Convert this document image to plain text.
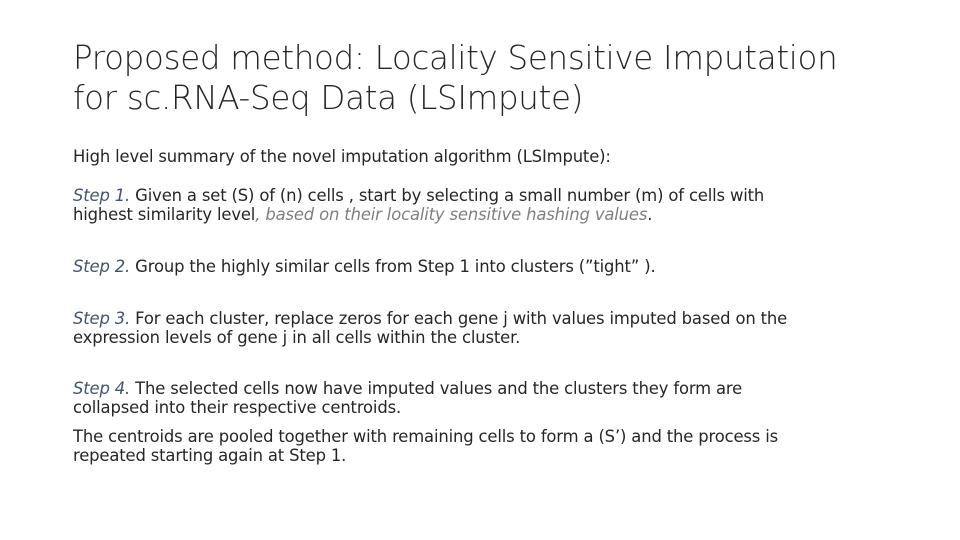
Proposed method: Locality Sensitive Imputation
for sc.RNA-Seq Data (LSImpute)
High level summary of the novel imputation algorithm (LSImpute):
Step 1. Given a set (S) of (n) cells , start by selecting a small number (m) of cells with
highest similarity level, based on their locality sensitive hashing values.
Step 2. Group the highly similar cells from Step 1 into clusters (”tight” ).
Step 3. For each cluster, replace zeros for each gene j with values imputed based on the
expression levels of gene j in all cells within the cluster.
Step 4. The selected cells now have imputed values and the clusters they form are
collapsed into their respective centroids.
The centroids are pooled together with remaining cells to form a (S’) and the process is
repeated starting again at Step 1.
